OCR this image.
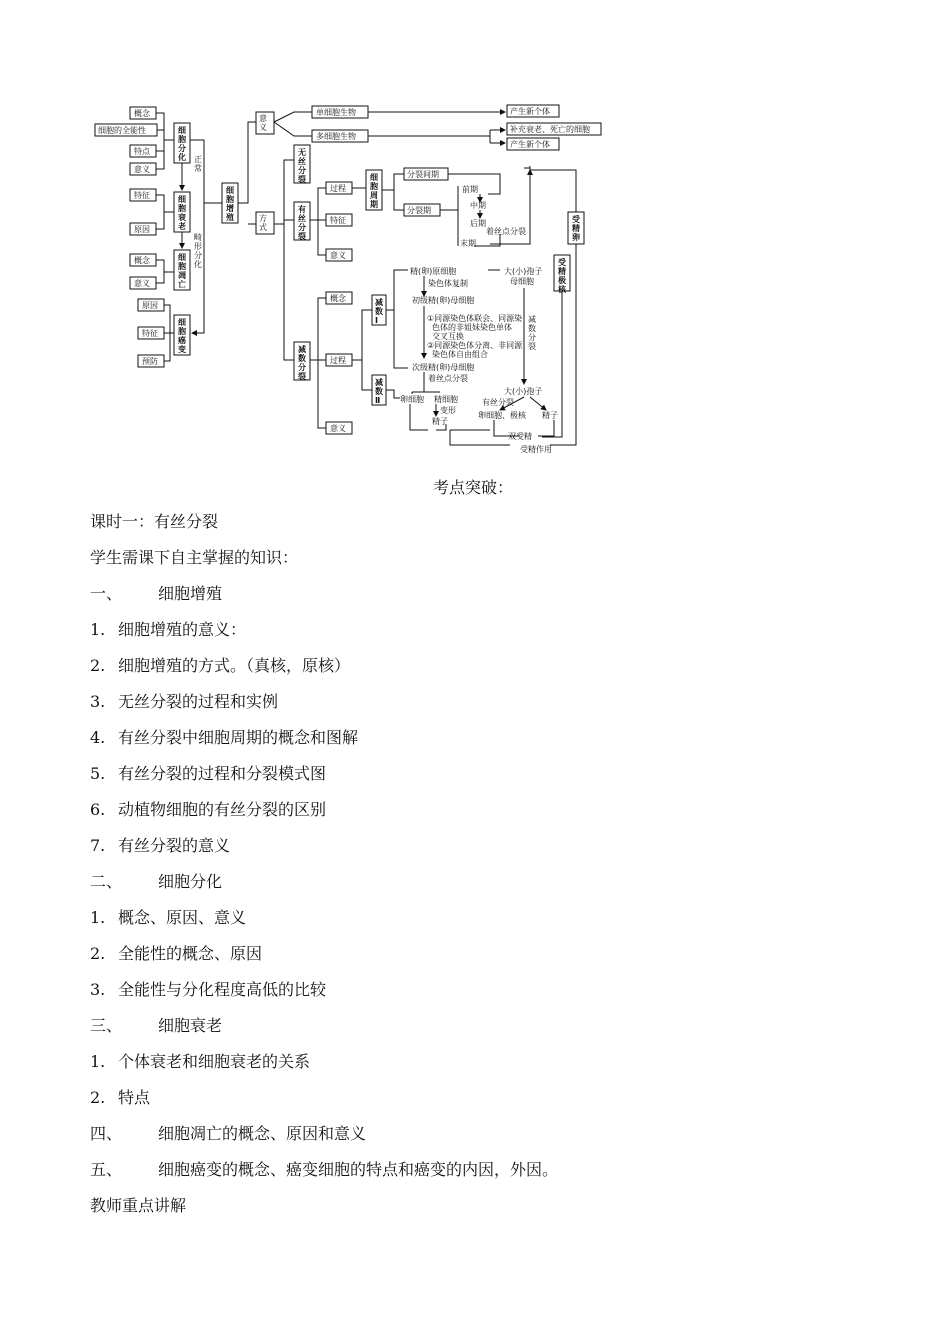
概念
细胞的全能性
特点
意义
特征
原因
概念
意义
原因
特征
预防
细胞分化
细胞衰老
细胞凋亡
细胞癌变
正常
畸形分化
细胞增殖
意义
方式
单细胞生物
多细胞生物
产生新个体
补充衰老、死亡的细胞
产生新个体
无丝分裂
有丝分裂
减数分裂
过程
特征
意义
细胞周期
分裂间期
分裂期
前期
中期
后期
着丝点分裂
末期
受精卵
受精极核
概念
过程
意义
减数 Ⅰ
减数 Ⅱ
精(卵)原细胞
染色体复制
初级精(卵)母细胞
①同源染色体联会、同源染
色体的非姐妹染色单体
交叉互换
②同源染色体分离、非同源
染色体自由组合
次级精(卵)母细胞
着丝点分裂
卵细胞 精细胞
变形
精子
大(小)孢子
母细胞
减数分裂
大(小)孢子
有丝分裂
卵细胞、极核 精子
双受精
受精作用
考点突破：
课时一：有丝分裂
学生需课下自主掌握的知识：
一、 细胞增殖
1. 细胞增殖的意义：
2. 细胞增殖的方式。（真核，原核）
3. 无丝分裂的过程和实例
4. 有丝分裂中细胞周期的概念和图解
5. 有丝分裂的过程和分裂模式图
6. 动植物细胞的有丝分裂的区别
7. 有丝分裂的意义
二、 细胞分化
1. 概念、原因、意义
2. 全能性的概念、原因
3. 全能性与分化程度高低的比较
三、 细胞衰老
1. 个体衰老和细胞衰老的关系
2. 特点
四、 细胞凋亡的概念、原因和意义
五、 细胞癌变的概念、癌变细胞的特点和癌变的内因，外因。
教师重点讲解
